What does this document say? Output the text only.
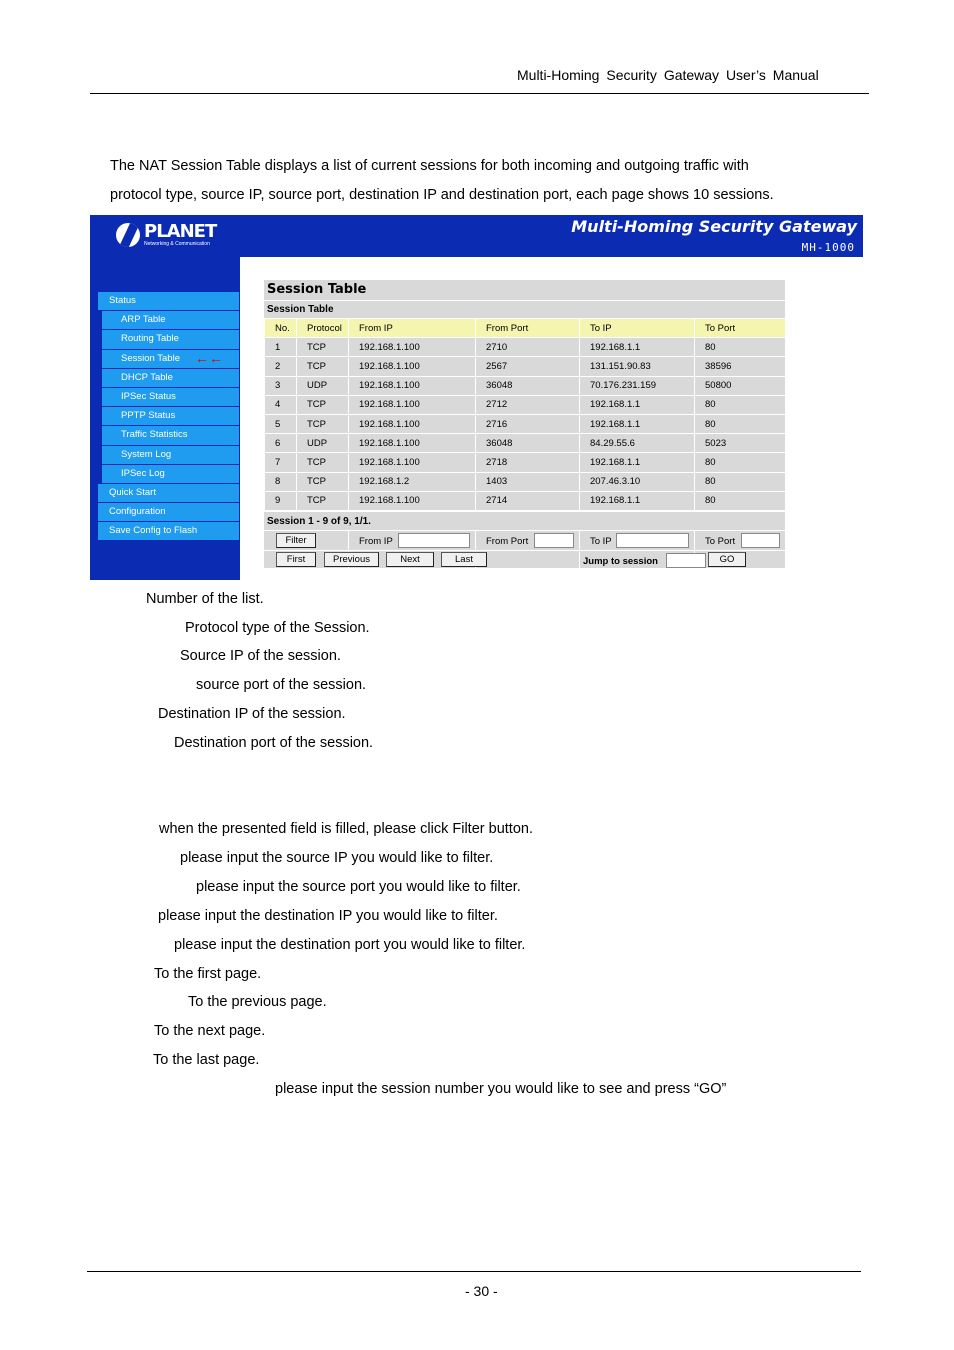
Multi-Homing Security Gateway User’s Manual
The NAT Session Table displays a list of current sessions for both incoming and outgoing traffic with
protocol type, source IP, source port, destination IP and destination port, each page shows 10 sessions.
PLANET
Networking & Communication
Multi-Homing Security Gateway
MH-1000
Status
ARP Table
Routing Table
Session Table ←←
DHCP Table
IPSec Status
PPTP Status
Traffic Statistics
System Log
IPSec Log
Quick Start
Configuration
Save Config to Flash
Session Table
Session Table
No.	Protocol	From IP	From Port	To IP	To Port
1	TCP	192.168.1.100	2710	192.168.1.1	80
2	TCP	192.168.1.100	2567	131.151.90.83	38596
3	UDP	192.168.1.100	36048	70.176.231.159	50800
4	TCP	192.168.1.100	2712	192.168.1.1	80
5	TCP	192.168.1.100	2716	192.168.1.1	80
6	UDP	192.168.1.100	36048	84.29.55.6	5023
7	TCP	192.168.1.100	2718	192.168.1.1	80
8	TCP	192.168.1.2	1403	207.46.3.10	80
9	TCP	192.168.1.100	2714	192.168.1.1	80
Session 1 - 9 of 9, 1/1.
Filter	From IP	From Port	To IP	To Port
First	Previous	Next	Last	Jump to session	GO
Number of the list.
Protocol type of the Session.
Source IP of the session.
source port of the session.
Destination IP of the session.
Destination port of the session.
when the presented field is filled, please click Filter button.
please input the source IP you would like to filter.
please input the source port you would like to filter.
please input the destination IP you would like to filter.
please input the destination port you would like to filter.
To the first page.
To the previous page.
To the next page.
To the last page.
please input the session number you would like to see and press “GO”
- 30 -
